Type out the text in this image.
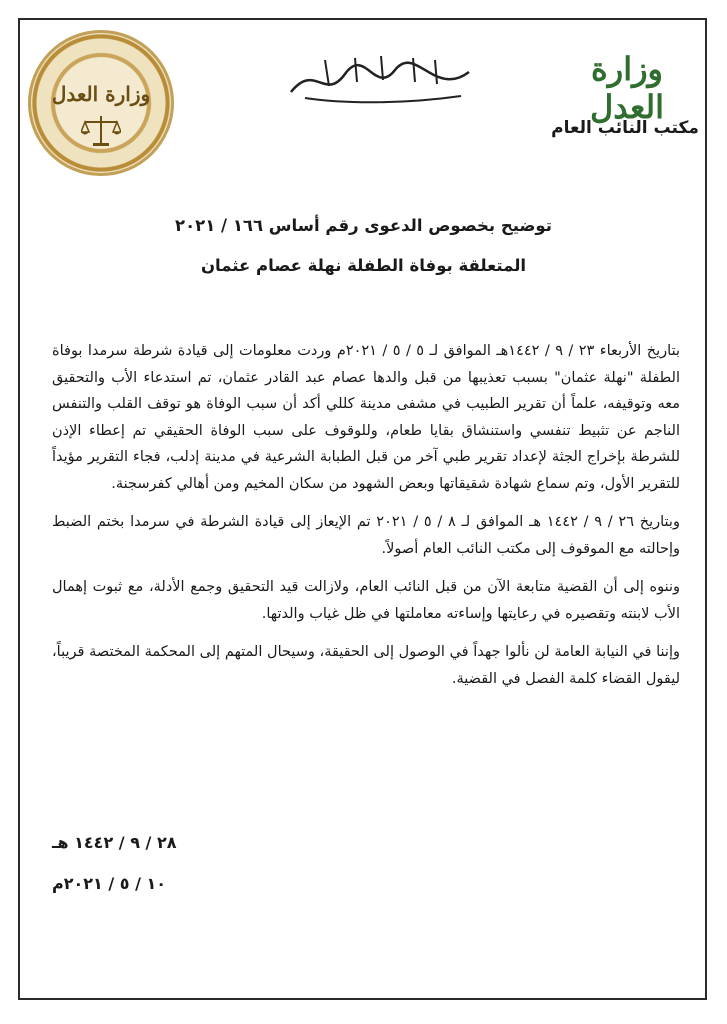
وزارة العدل
وزارة العدل
مكتب النائب العام
توضيح بخصوص الدعوى رقم أساس ١٦٦ / ٢٠٢١
المتعلقة بوفاة الطفلة نهلة عصام عثمان

بتاريخ الأربعاء ٢٣ / ٩ / ١٤٤٢هـ الموافق لـ ٥ / ٥ / ٢٠٢١م وردت معلومات إلى قيادة شرطة سرمدا بوفاة الطفلة "نهلة عثمان" بسبب تعذيبها من قبل والدها عصام عبد القادر عثمان، تم استدعاء الأب والتحقيق معه وتوقيفه، علماً أن تقرير الطبيب في مشفى مدينة كللي أكد أن سبب الوفاة هو توقف القلب والتنفس الناجم عن تثبيط تنفسي واستنشاق بقايا طعام، وللوقوف على سبب الوفاة الحقيقي تم إعطاء الإذن للشرطة بإخراج الجثة لإعداد تقرير طبي آخر من قبل الطبابة الشرعية في مدينة إدلب، فجاء التقرير مؤيداً للتقرير الأول، وتم سماع شهادة شقيقاتها وبعض الشهود من سكان المخيم ومن أهالي كفرسجنة.

وبتاريخ ٢٦ / ٩ / ١٤٤٢ هـ الموافق لـ ٨ / ٥ / ٢٠٢١ تم الإيعاز إلى قيادة الشرطة في سرمدا بختم الضبط وإحالته مع الموقوف إلى مكتب النائب العام أصولاً.

وننوه إلى أن القضية متابعة الآن من قبل النائب العام، ولازالت قيد التحقيق وجمع الأدلة، مع ثبوت إهمال الأب لابنته وتقصيره في رعايتها وإساءته معاملتها في ظل غياب والدتها.

وإننا في النيابة العامة لن نألوا جهداً في الوصول إلى الحقيقة، وسيحال المتهم إلى المحكمة المختصة قريباً، ليقول القضاء كلمة الفصل في القضية.

٢٨ / ٩ / ١٤٤٢ هـ
١٠ / ٥ / ٢٠٢١م
